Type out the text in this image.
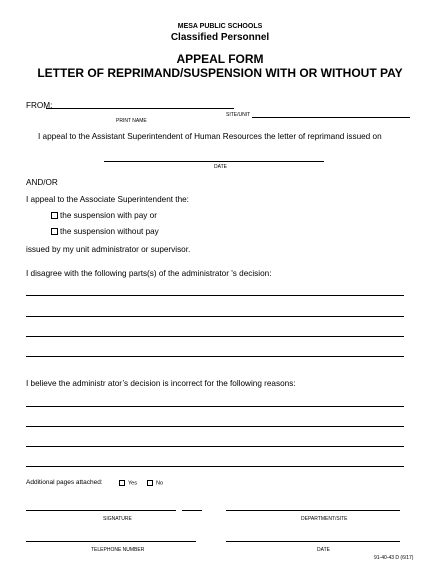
MESA PUBLIC SCHOOLS
Classified Personnel
APPEAL FORM
LETTER OF REPRIMAND/SUSPENSION WITH OR WITHOUT PAY
FROM:
PRINT NAME
SITE/UNIT
I appeal to the Assistant Superintendent of Human Resources the letter of reprimand issued on
DATE
AND/OR
I appeal to the Associate Superintendent the:
the suspension with pay or
the suspension without pay
issued by my unit administrator or supervisor.
I disagree with the following parts(s) of the administrator 's decision:
I believe the administr ator’s decision is incorrect for the following reasons:
Additional pages attached:	Yes	No
SIGNATURE	DEPARTMENT/SITE
TELEPHONE NUMBER	DATE
91-40-43 D (6/17)
